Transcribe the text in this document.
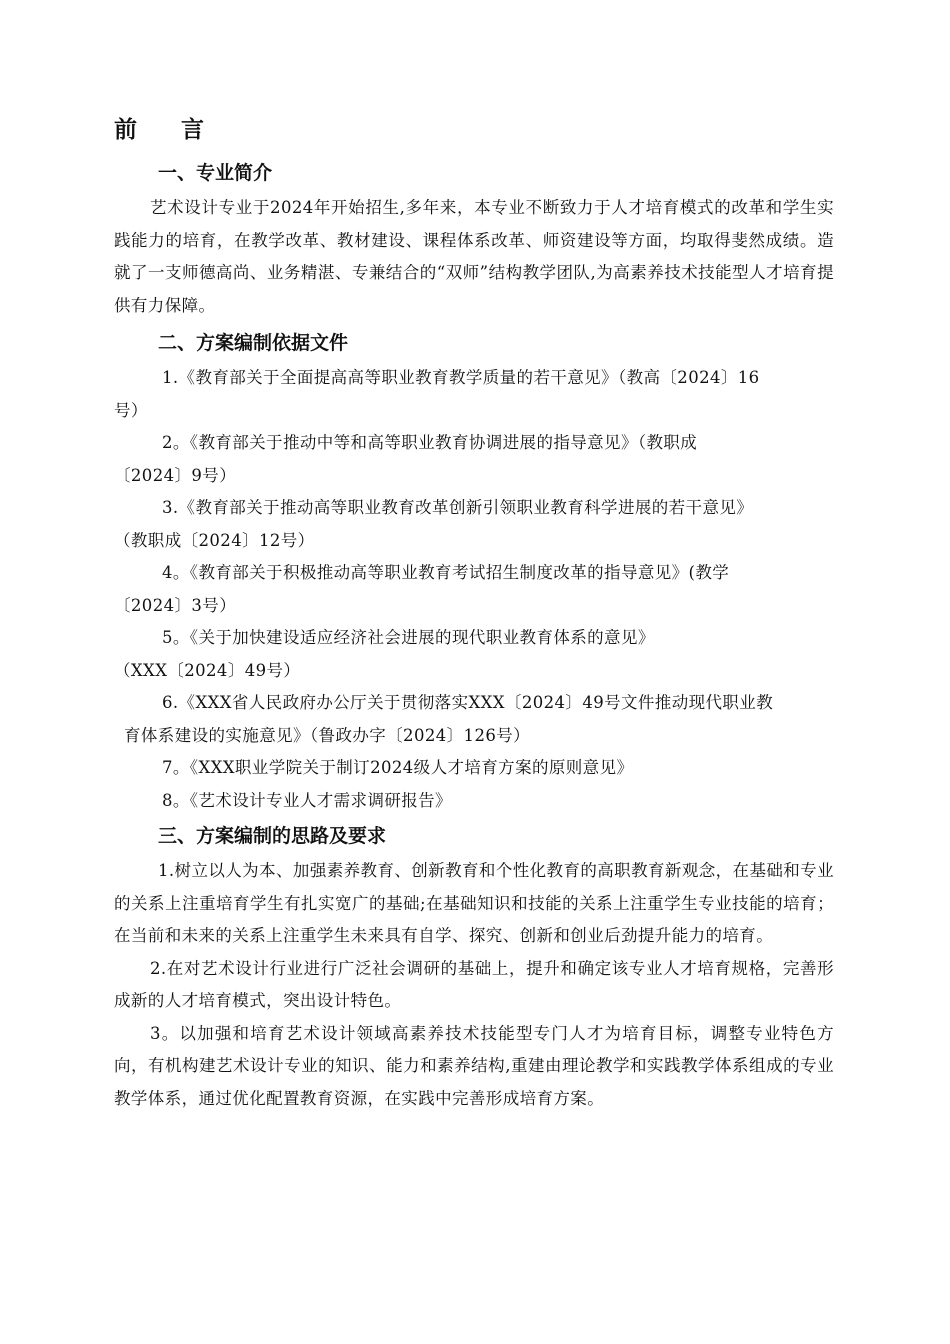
前 言
一、专业简介

艺术设计专业于2024年开始招生,多年来，本专业不断致力于人才培育模式的改革和学生实践能力的培育，在教学改革、教材建设、课程体系改革、师资建设等方面，均取得斐然成绩。造就了一支师德高尚、业务精湛、专兼结合的“双师”结构教学团队,为高素养技术技能型人才培育提供有力保障。

二、方案编制依据文件
1.《教育部关于全面提高高等职业教育教学质量的若干意见》（教高〔2024〕16
号）
2。《教育部关于推动中等和高等职业教育协调进展的指导意见》（教职成
〔2024〕9号）
3.《教育部关于推动高等职业教育改革创新引领职业教育科学进展的若干意见》
（教职成〔2024〕12号）
4。《教育部关于积极推动高等职业教育考试招生制度改革的指导意见》(教学
〔2024〕3号）
5。《关于加快建设适应经济社会进展的现代职业教育体系的意见》
（XXX〔2024〕49号）
6.《XXX省人民政府办公厅关于贯彻落实XXX〔2024〕49号文件推动现代职业教
育体系建设的实施意见》（鲁政办字〔2024〕126号）
7。《XXX职业学院关于制订2024级人才培育方案的原则意见》
8。《艺术设计专业人才需求调研报告》
三、方案编制的思路及要求

1.树立以人为本、加强素养教育、创新教育和个性化教育的高职教育新观念，在基础和专业的关系上注重培育学生有扎实宽广的基础;在基础知识和技能的关系上注重学生专业技能的培育；在当前和未来的关系上注重学生未来具有自学、探究、创新和创业后劲提升能力的培育。

2.在对艺术设计行业进行广泛社会调研的基础上，提升和确定该专业人才培育规格，完善形成新的人才培育模式，突出设计特色。

3。以加强和培育艺术设计领域高素养技术技能型专门人才为培育目标，调整专业特色方向，有机构建艺术设计专业的知识、能力和素养结构,重建由理论教学和实践教学体系组成的专业教学体系，通过优化配置教育资源，在实践中完善形成培育方案。
